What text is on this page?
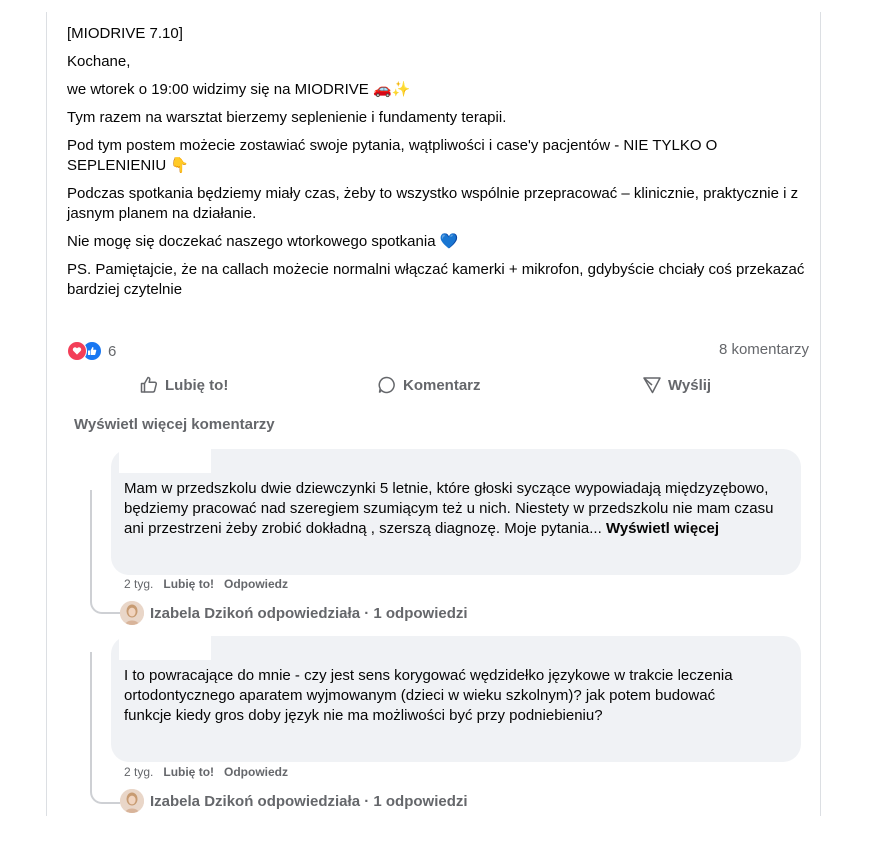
[MIODRIVE 7.10]

Kochane,

we wtorek o 19:00 widzimy się na MIODRIVE 🚗✨

Tym razem na warsztat bierzemy seplenienie i fundamenty terapii.

Pod tym postem możecie zostawiać swoje pytania, wątpliwości i case'y pacjentów - NIE TYLKO O SEPLENIENIU 👇

Podczas spotkania będziemy miały czas, żeby to wszystko wspólnie przepracować – klinicznie, praktycznie i z jasnym planem na działanie.

Nie mogę się doczekać naszego wtorkowego spotkania 💙

PS. Pamiętajcie, że na callach możecie normalni włączać kamerki + mikrofon, gdybyście chciały coś przekazać bardziej czytelnie

6	8 komentarzy
Lubię to!	Komentarz	Wyślij
Wyświetl więcej komentarzy
Mam w przedszkolu dwie dziewczynki 5 letnie, które głoski syczące wypowiadają międzyzębowo, będziemy pracować nad szeregiem szumiącym też u nich. Niestety w przedszkolu nie mam czasu ani przestrzeni żeby zrobić dokładną , szerszą diagnozę. Moje pytania... Wyświetl więcej
2 tyg. Lubię to! Odpowiedz
Izabela Dzikoń odpowiedziała · 1 odpowiedzi
I to powracające do mnie - czy jest sens korygować wędzidełko językowe w trakcie leczenia ortodontycznego aparatem wyjmowanym (dzieci w wieku szkolnym)? jak potem budować funkcje kiedy gros doby język nie ma możliwości być przy podniebieniu?
2 tyg. Lubię to! Odpowiedz
Izabela Dzikoń odpowiedziała · 1 odpowiedzi
